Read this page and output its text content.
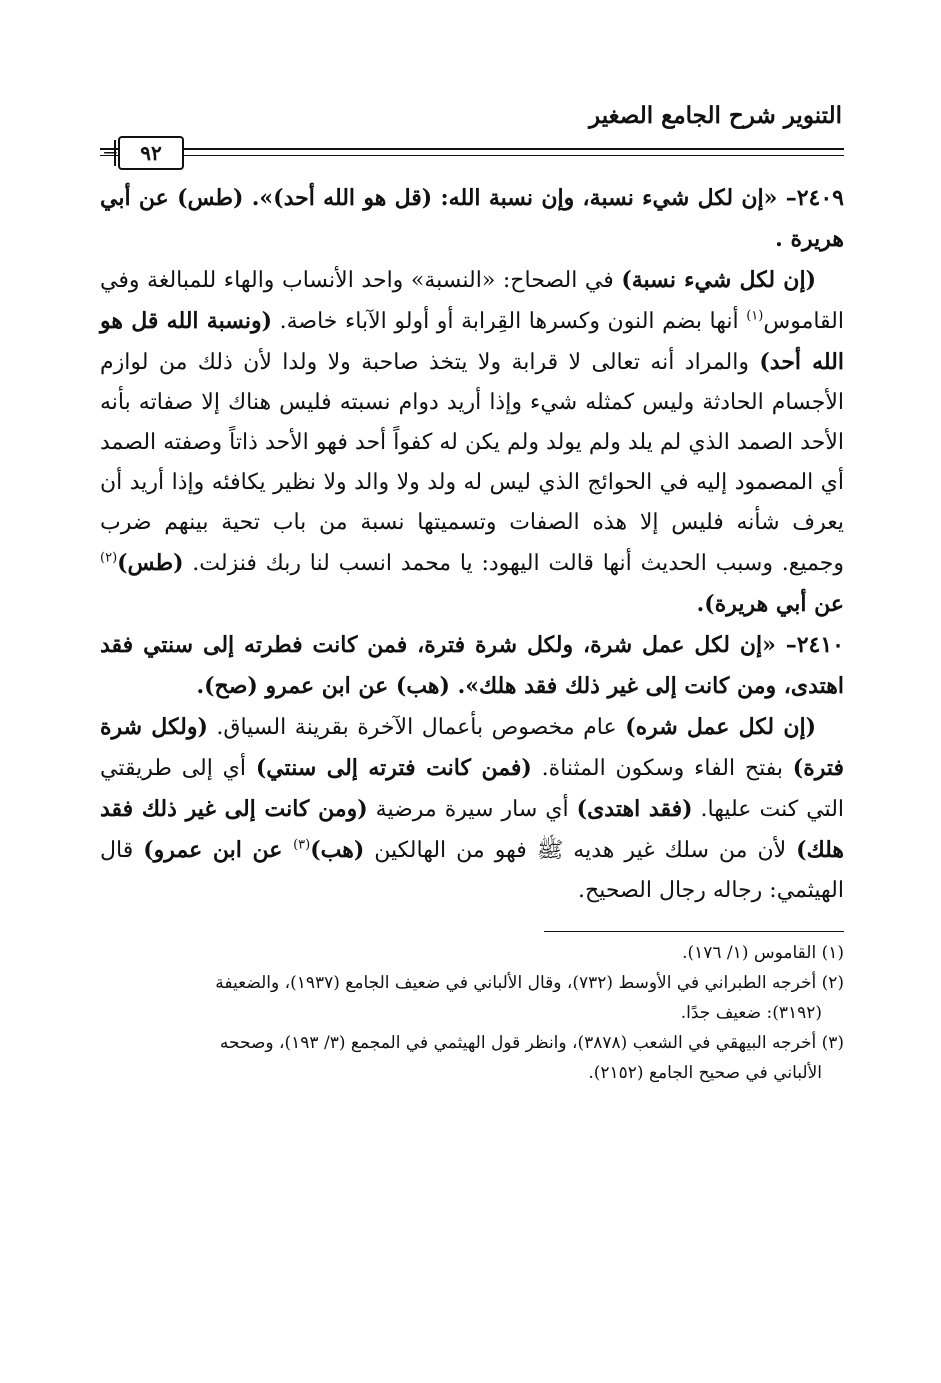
التنوير شرح الجامع الصغير
٩٢
=

٢٤٠٩– «إن لكل شيء نسبة، وإن نسبة الله: (قل هو الله أحد)». (طس) عن أبي هريرة .

(إن لكل شيء نسبة) في الصحاح: «النسبة» واحد الأنساب والهاء للمبالغة وفي القاموس$^{(١)}$ أنها بضم النون وكسرها القِرابة أو أولو الآباء خاصة. (ونسبة الله قل هو الله أحد) والمراد أنه تعالى لا قرابة ولا يتخذ صاحبة ولا ولدا لأن ذلك من لوازم الأجسام الحادثة وليس كمثله شيء وإذا أريد دوام نسبته فليس هناك إلا صفاته بأنه الأحد الصمد الذي لم يلد ولم يولد ولم يكن له كفواً أحد فهو الأحد ذاتاً وصفته الصمد أي المصمود إليه في الحوائج الذي ليس له ولد ولا والد ولا نظير يكافئه وإذا أريد أن يعرف شأنه فليس إلا هذه الصفات وتسميتها نسبة من باب تحية بينهم ضرب وجميع. وسبب الحديث أنها قالت اليهود: يا محمد انسب لنا ربك فنزلت. (طس)$^{(٢)}$ عن أبي هريرة).

٢٤١٠– «إن لكل عمل شرة، ولكل شرة فترة، فمن كانت فطرته إلى سنتي فقد اهتدى، ومن كانت إلى غير ذلك فقد هلك». (هب) عن ابن عمرو (صح).

(إن لكل عمل شره) عام مخصوص بأعمال الآخرة بقرينة السياق. (ولكل شرة فترة) بفتح الفاء وسكون المثناة. (فمن كانت فترته إلى سنتي) أي إلى طريقتي التي كنت عليها. (فقد اهتدى) أي سار سيرة مرضية (ومن كانت إلى غير ذلك فقد هلك) لأن من سلك غير هديه ﷺ فهو من الهالكين (هب)$^{(٣)}$ عن ابن عمرو) قال الهيثمي: رجاله رجال الصحيح.

(١) القاموس (١/ ١٧٦).

(٢) أخرجه الطبراني في الأوسط (٧٣٢)، وقال الألباني في ضعيف الجامع (١٩٣٧)، والضعيفة
(٣١٩٢): ضعيف جدًا.

(٣) أخرجه البيهقي في الشعب (٣٨٧٨)، وانظر قول الهيثمي في المجمع (٣/ ١٩٣)، وصححه
الألباني في صحيح الجامع (٢١٥٢).
